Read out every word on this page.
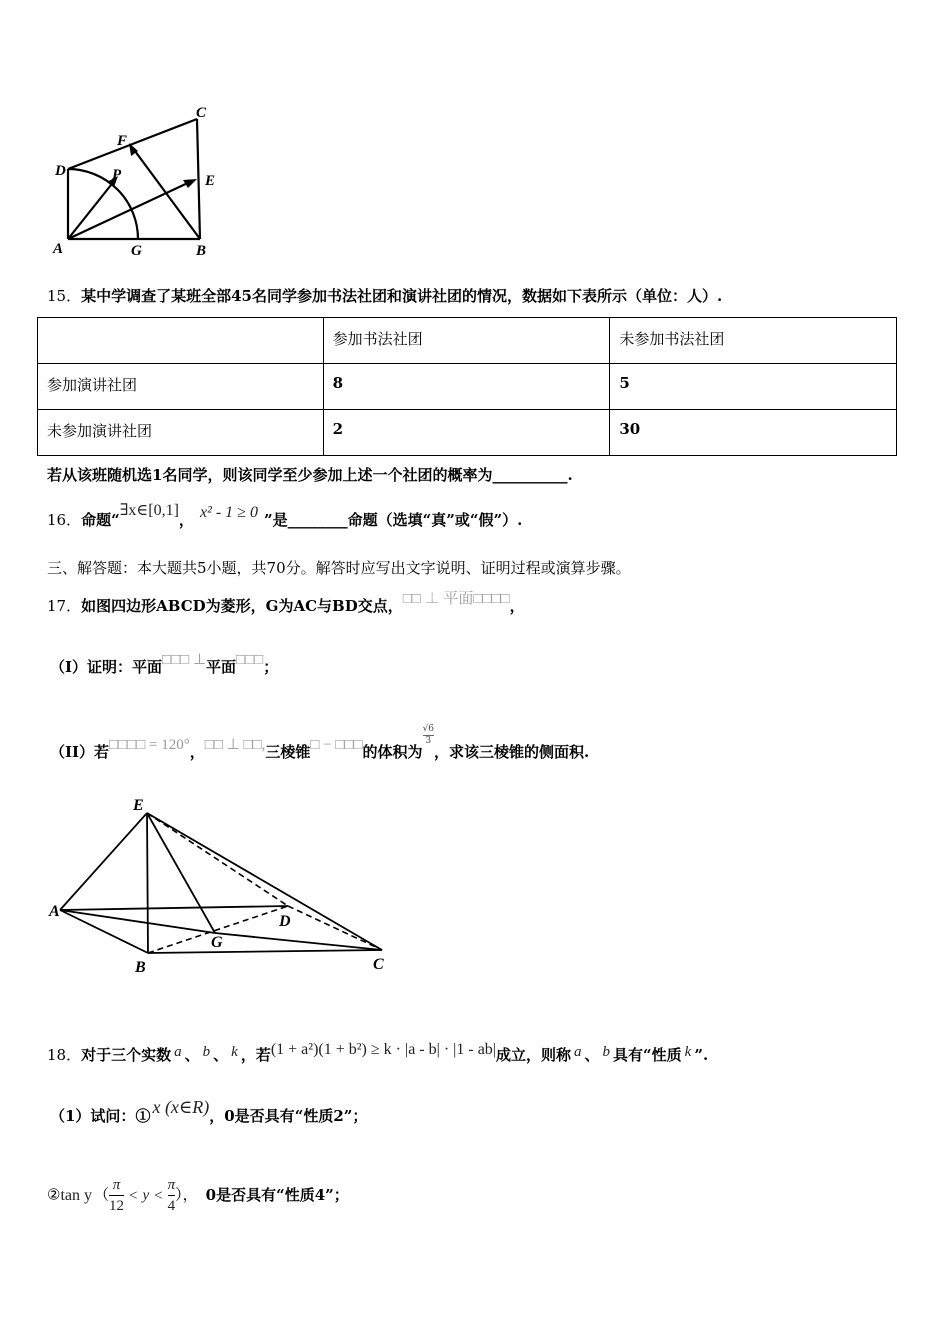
D
A	G	B
C
E
F
P
15．某中学调查了某班全部45名同学参加书法社团和演讲社团的情况，数据如下表所示（单位：人）.
	参加书法社团	未参加书法社团
参加演讲社团	8	5
未参加演讲社团	2	30
若从该班随机选1名同学，则该同学至少参加上述一个社团的概率为__________.
16．命题“∃x∈[0,1]， x² - 1 ≥ 0 ”是________命题（选填“真”或“假”）.
三、解答题：本大题共5小题，共70分。解答时应写出文字说明、证明过程或演算步骤。
17．如图四边形ABCD为菱形，G为AC与BD交点，□□ ⊥ 平面□□□□，
（I）证明：平面□□□ ⊥平面□□□；
（II）若□□□□ = 120°，□□ ⊥ □□,三棱锥□ − □□□的体积为
$\frac{√6}{3}$
，求该三棱锥的侧面积.
E
A
B
G
D
C
18．对于三个实数 a 、 b 、 k ，若(1 + a²)(1 + b²) ≥ k · |a - b| · |1 - ab|成立，则称 a 、 b 具有“性质 k ”.
（1）试问：① x (x∈R)，0是否具有“性质2”；
②tan y （ $\frac{\pi}{12} < y < \frac{\pi}{4}$ ）， 0是否具有“性质4”；
